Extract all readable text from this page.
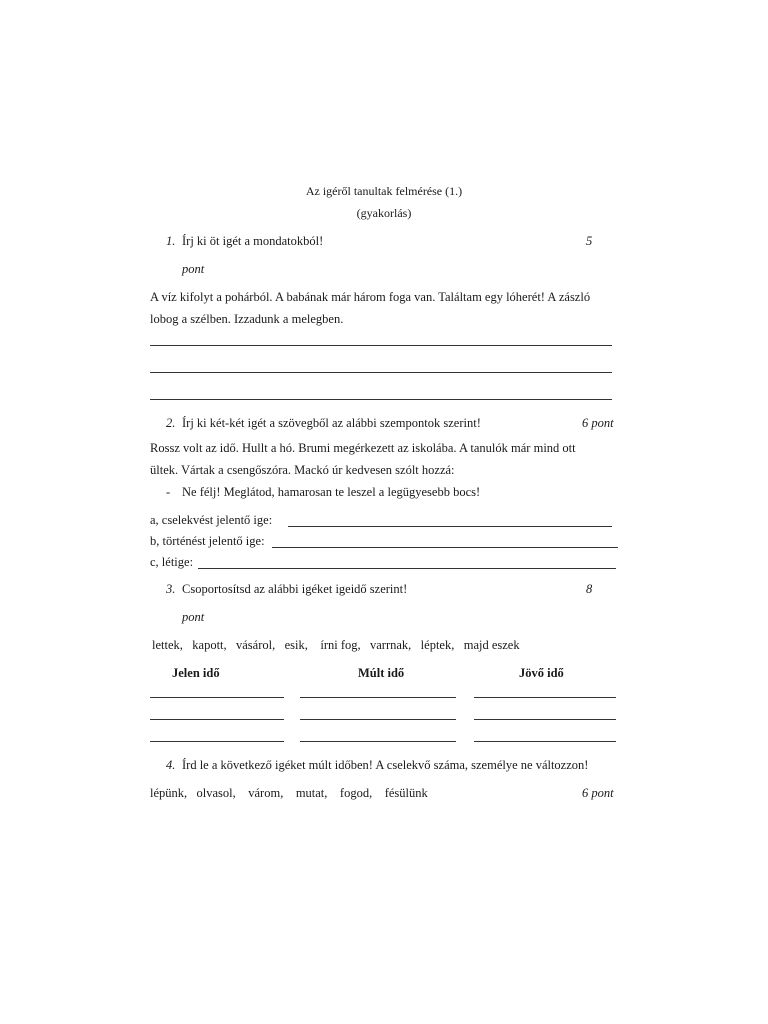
Az igéről tanultak felmérése (1.)
(gyakorlás)
1. Írj ki öt igét a mondatokból!	5
pont
A víz kifolyt a pohárból. A babának már három foga van. Találtam egy lóherét! A zászló
lobog a szélben. Izzadunk a melegben.
2. Írj ki két-két igét a szövegből az alábbi szempontok szerint!	6 pont
Rossz volt az idő. Hullt a hó. Brumi megérkezett az iskolába. A tanulók már mind ott
ültek. Vártak a csengőszóra. Mackó úr kedvesen szólt hozzá:
- Ne félj! Meglátod, hamarosan te leszel a legügyesebb bocs!
a, cselekvést jelentő ige:
b, történést jelentő ige:
c, létige:
3. Csoportosítsd az alábbi igéket igeidő szerint!	8
pont
lettek,   kapott,   vásárol,   esik,    írni fog,   varrnak,   léptek,   majd eszek
Jelen idő	Múlt idő	Jövő idő
4. Írd le a következő igéket múlt időben! A cselekvő száma, személye ne változzon!
lépünk,   olvasol,    várom,    mutat,    fogod,    fésülünk	6 pont
